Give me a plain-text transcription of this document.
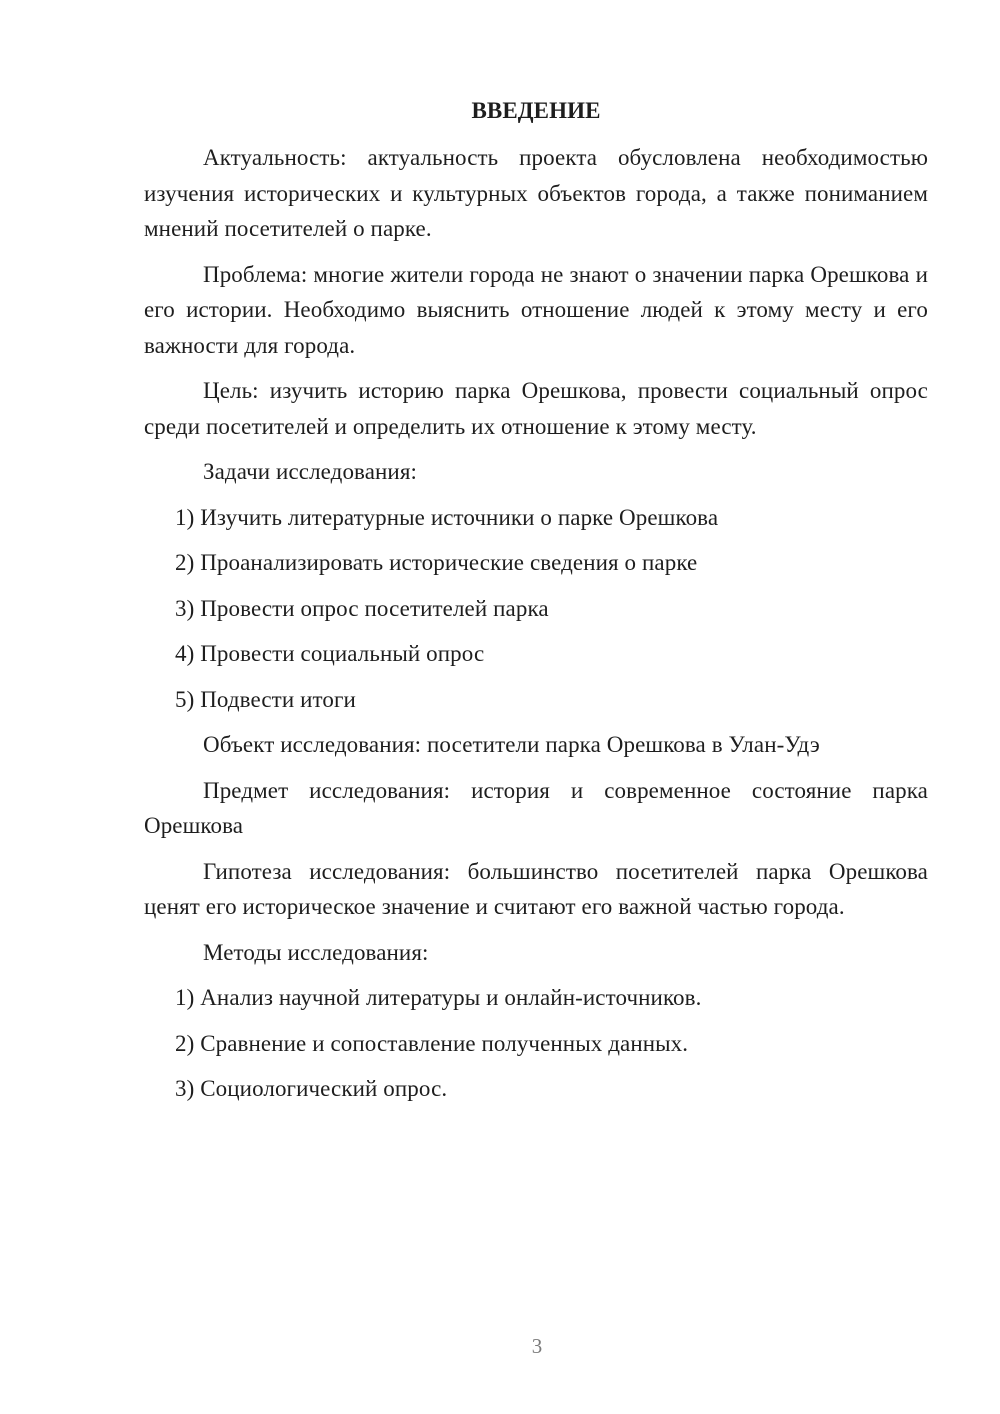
ВВЕДЕНИЕ
Актуальность: актуальность проекта обусловлена необходимостью изучения исторических и культурных объектов города, а также пониманием мнений посетителей о парке.
Проблема: многие жители города не знают о значении парка Орешкова и его истории. Необходимо выяснить отношение людей к этому месту и его важности для города.
Цель: изучить историю парка Орешкова, провести социальный опрос среди посетителей и определить их отношение к этому месту.
Задачи исследования:
1) Изучить литературные источники о парке Орешкова
2) Проанализировать исторические сведения о парке
3) Провести опрос посетителей парка
4) Провести социальный опрос
5) Подвести итоги
Объект исследования: посетители парка Орешкова в Улан-Удэ
Предмет исследования: история и современное состояние парка Орешкова
Гипотеза исследования: большинство посетителей парка Орешкова ценят его историческое значение и считают его важной частью города.
Методы исследования:
1) Анализ научной литературы и онлайн-источников.
2) Сравнение и сопоставление полученных данных.
3) Социологический опрос.
3
